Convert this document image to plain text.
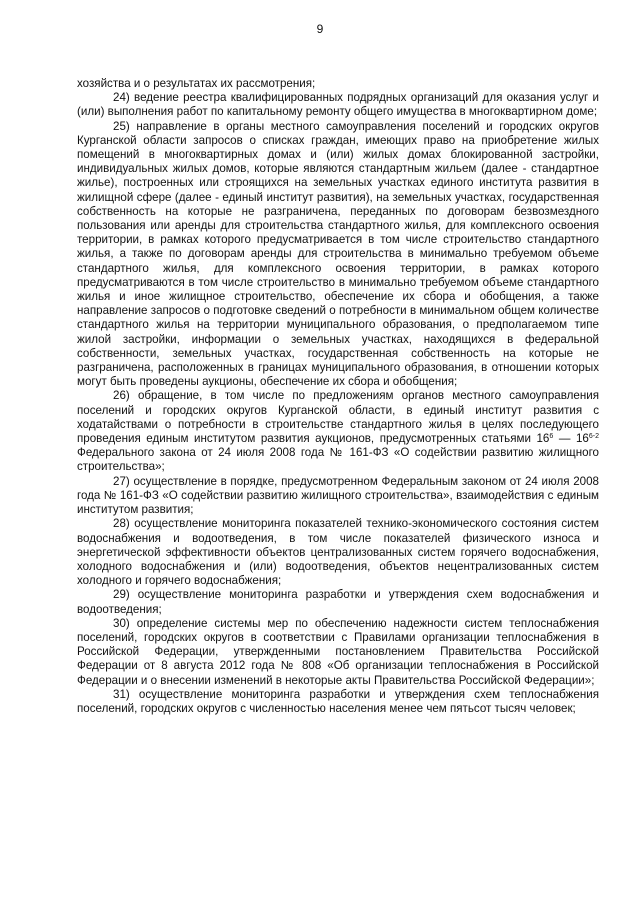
9

хозяйства и о результатах их рассмотрения;

24) ведение реестра квалифицированных подрядных организаций для оказания услуг и (или) выполнения работ по капитальному ремонту общего имущества в многоквартирном доме;

25) направление в органы местного самоуправления поселений и городских округов Курганской области запросов о списках граждан, имеющих право на приобретение жилых помещений в многоквартирных домах и (или) жилых домах блокированной застройки, индивидуальных жилых домов, которые являются стандартным жильем (далее - стандартное жилье), построенных или строящихся на земельных участках единого института развития в жилищной сфере (далее - единый институт развития), на земельных участках, государственная собственность на которые не разграничена, переданных по договорам безвозмездного пользования или аренды для строительства стандартного жилья, для комплексного освоения территории, в рамках которого предусматривается в том числе строительство стандартного жилья, а также по договорам аренды для строительства в минимально требуемом объеме стандартного жилья, для комплексного освоения территории, в рамках которого предусматриваются в том числе строительство в минимально требуемом объеме стандартного жилья и иное жилищное строительство, обеспечение их сбора и обобщения, а также направление запросов о подготовке сведений о потребности в минимальном общем количестве стандартного жилья на территории муниципального образования, о предполагаемом типе жилой застройки, информации о земельных участках, находящихся в федеральной собственности, земельных участках, государственная собственность на которые не разграничена, расположенных в границах муниципального образования, в отношении которых могут быть проведены аукционы, обеспечение их сбора и обобщения;

26) обращение, в том числе по предложениям органов местного самоуправления поселений и городских округов Курганской области, в единый институт развития с ходатайствами о потребности в строительстве стандартного жилья в целях последующего проведения единым институтом развития аукционов, предусмотренных статьями $16^6$ — 16$^{6-2}$ Федерального закона от 24 июля 2008 года № 161-ФЗ «О содействии развитию жилищного строительства»;

27) осуществление в порядке, предусмотренном Федеральным законом от 24 июля 2008 года № 161-ФЗ «О содействии развитию жилищного строительства», взаимодействия с единым институтом развития;

28) осуществление мониторинга показателей технико-экономического состояния систем водоснабжения и водоотведения, в том числе показателей физического износа и энергетической эффективности объектов централизованных систем горячего водоснабжения, холодного водоснабжения и (или) водоотведения, объектов нецентрализованных систем холодного и горячего водоснабжения;

29) осуществление мониторинга разработки и утверждения схем водоснабжения и водоотведения;

30) определение системы мер по обеспечению надежности систем теплоснабжения поселений, городских округов в соответствии с Правилами организации теплоснабжения в Российской Федерации, утвержденными постановлением Правительства Российской Федерации от 8 августа 2012 года № 808 «Об организации теплоснабжения в Российской Федерации и о внесении изменений в некоторые акты Правительства Российской Федерации»;

31) осуществление мониторинга разработки и утверждения схем теплоснабжения поселений, городских округов с численностью населения менее чем пятьсот тысяч человек;
